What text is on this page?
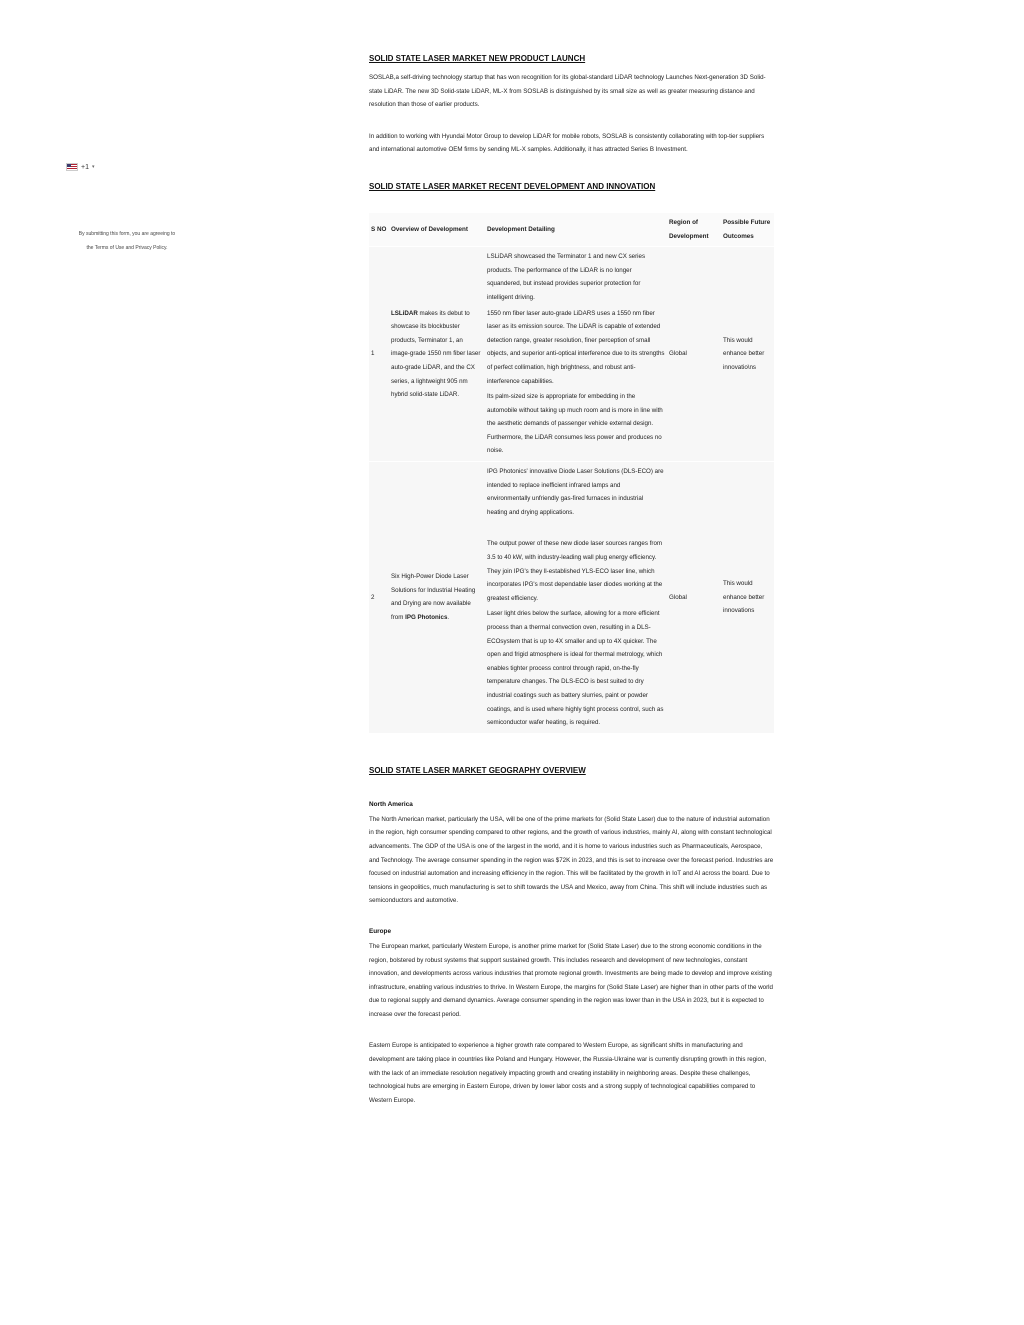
+1 ▾
By submitting this form, you are agreeing to
the Terms of Use and Privacy Policy.
SOLID STATE LASER MARKET NEW PRODUCT LAUNCH

SOSLAB,a self-driving technology startup that has won recognition for its global-standard LiDAR technology Launches Next-generation 3D Solid-state LiDAR. The new 3D Solid-state LiDAR, ML-X from SOSLAB is distinguished by its small size as well as greater measuring distance and resolution than those of earlier products.

In addition to working with Hyundai Motor Group to develop LiDAR for mobile robots, SOSLAB is consistently collaborating with top-tier suppliers and international automotive OEM firms by sending ML-X samples. Additionally, it has attracted Series B Investment.

SOLID STATE LASER MARKET RECENT DEVELOPMENT AND INNOVATION
S NO	Overview of Development	Development Detailing	Region of Development	Possible Future Outcomes
1	LSLiDAR makes its debut to showcase its blockbuster products, Terminator 1, an image-grade 1550 nm fiber laser auto-grade LiDAR, and the CX series, a lightweight 905 nm hybrid solid-state LiDAR.	LSLiDAR showcased the Terminator 1 and new CX series products. The performance of the LiDAR is no longer squandered, but instead provides superior protection for intelligent driving.

1550 nm fiber laser auto-grade LiDARS uses a 1550 nm fiber laser as its emission source. The LiDAR is capable of extended detection range, greater resolution, finer perception of small objects, and superior anti-optical interference due to its strengths of perfect collimation, high brightness, and robust anti-interference capabilities.

Its palm-sized size is appropriate for embedding in the automobile without taking up much room and is more in line with the aesthetic demands of passenger vehicle external design. Furthermore, the LiDAR consumes less power and produces no noise.	Global	This would enhance better innovatio\ns
2	Six High-Power Diode Laser Solutions for Industrial Heating and Drying are now available from IPG Photonics.	IPG Photonics' innovative Diode Laser Solutions (DLS-ECO) are intended to replace inefficient infrared lamps and environmentally unfriendly gas-fired furnaces in industrial heating and drying applications.

The output power of these new diode laser sources ranges from 3.5 to 40 kW, with industry-leading wall plug energy efficiency. They join IPG's they ll-established YLS-ECO laser line, which incorporates IPG's most dependable laser diodes working at the greatest efficiency.

Laser light dries below the surface, allowing for a more efficient process than a thermal convection oven, resulting in a DLS-ECOsystem that is up to 4X smaller and up to 4X quicker. The open and frigid atmosphere is ideal for thermal metrology, which enables tighter process control through rapid, on-the-fly temperature changes. The DLS-ECO is best suited to dry industrial coatings such as battery slurries, paint or powder coatings, and is used where highly tight process control, such as semiconductor wafer heating, is required.	Global	This would enhance better innovations
SOLID STATE LASER MARKET GEOGRAPHY OVERVIEW
North America

The North American market, particularly the USA, will be one of the prime markets for (Solid State Laser) due to the nature of industrial automation in the region, high consumer spending compared to other regions, and the growth of various industries, mainly AI, along with constant technological advancements. The GDP of the USA is one of the largest in the world, and it is home to various industries such as Pharmaceuticals, Aerospace, and Technology. The average consumer spending in the region was $72K in 2023, and this is set to increase over the forecast period. Industries are focused on industrial automation and increasing efficiency in the region. This will be facilitated by the growth in IoT and AI across the board. Due to tensions in geopolitics, much manufacturing is set to shift towards the USA and Mexico, away from China. This shift will include industries such as semiconductors and automotive.

Europe

The European market, particularly Western Europe, is another prime market for (Solid State Laser) due to the strong economic conditions in the region, bolstered by robust systems that support sustained growth. This includes research and development of new technologies, constant innovation, and developments across various industries that promote regional growth. Investments are being made to develop and improve existing infrastructure, enabling various industries to thrive. In Western Europe, the margins for (Solid State Laser) are higher than in other parts of the world due to regional supply and demand dynamics. Average consumer spending in the region was lower than in the USA in 2023, but it is expected to increase over the forecast period.

Eastern Europe is anticipated to experience a higher growth rate compared to Western Europe, as significant shifts in manufacturing and development are taking place in countries like Poland and Hungary. However, the Russia-Ukraine war is currently disrupting growth in this region, with the lack of an immediate resolution negatively impacting growth and creating instability in neighboring areas. Despite these challenges, technological hubs are emerging in Eastern Europe, driven by lower labor costs and a strong supply of technological capabilities compared to Western Europe.
